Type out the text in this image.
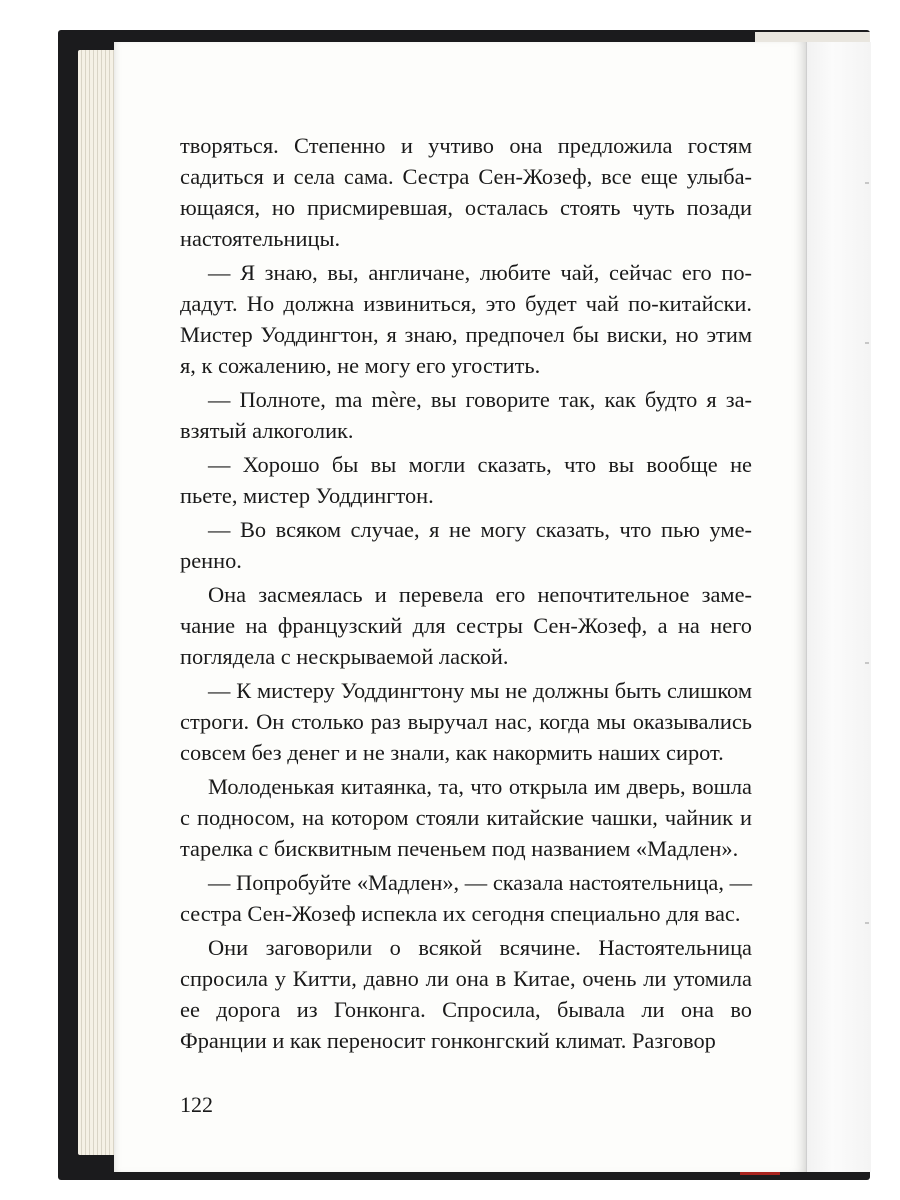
твоpяться. Степенно и учтиво она предложила гостям садиться и села сама. Сестра Сен-Жозеф, все еще улыбающаяся, но присмиревшая, осталась стоять чуть позади настоятельницы.

— Я знаю, вы, англичане, любите чай, сейчас его подадут. Но должна извиниться, это будет чай по-китайски. Мистер Уоддингтон, я знаю, предпочел бы виски, но этим я, к сожалению, не могу его угостить.

— Полноте, ma mère, вы говорите так, как будто я завзятый алкоголик.

— Хорошо бы вы могли сказать, что вы вообще не пьете, мистер Уоддингтон.

— Во всяком случае, я не могу сказать, что пью умеренно.

Она засмеялась и перевела его непочтительное замечание на французский для сестры Сен-Жозеф, а на него поглядела с нескрываемой лаской.

— К мистеру Уоддингтону мы не должны быть слишком строги. Он столько раз выручал нас, когда мы оказывались совсем без денег и не знали, как накормить наших сирот.

Молоденькая китаянка, та, что открыла им дверь, вошла с подносом, на котором стояли китайские чашки, чайник и тарелка с бисквитным печеньем под названием «Мадлен».

— Попробуйте «Мадлен», — сказала настоятельница, — сестра Сен-Жозеф испекла их сегодня специально для вас.

Они заговорили о всякой всячине. Настоятельница спросила у Китти, давно ли она в Китае, очень ли утомила ее дорога из Гонконга. Спросила, бывала ли она во Франции и как переносит гонконгский климат. Разговор

122
